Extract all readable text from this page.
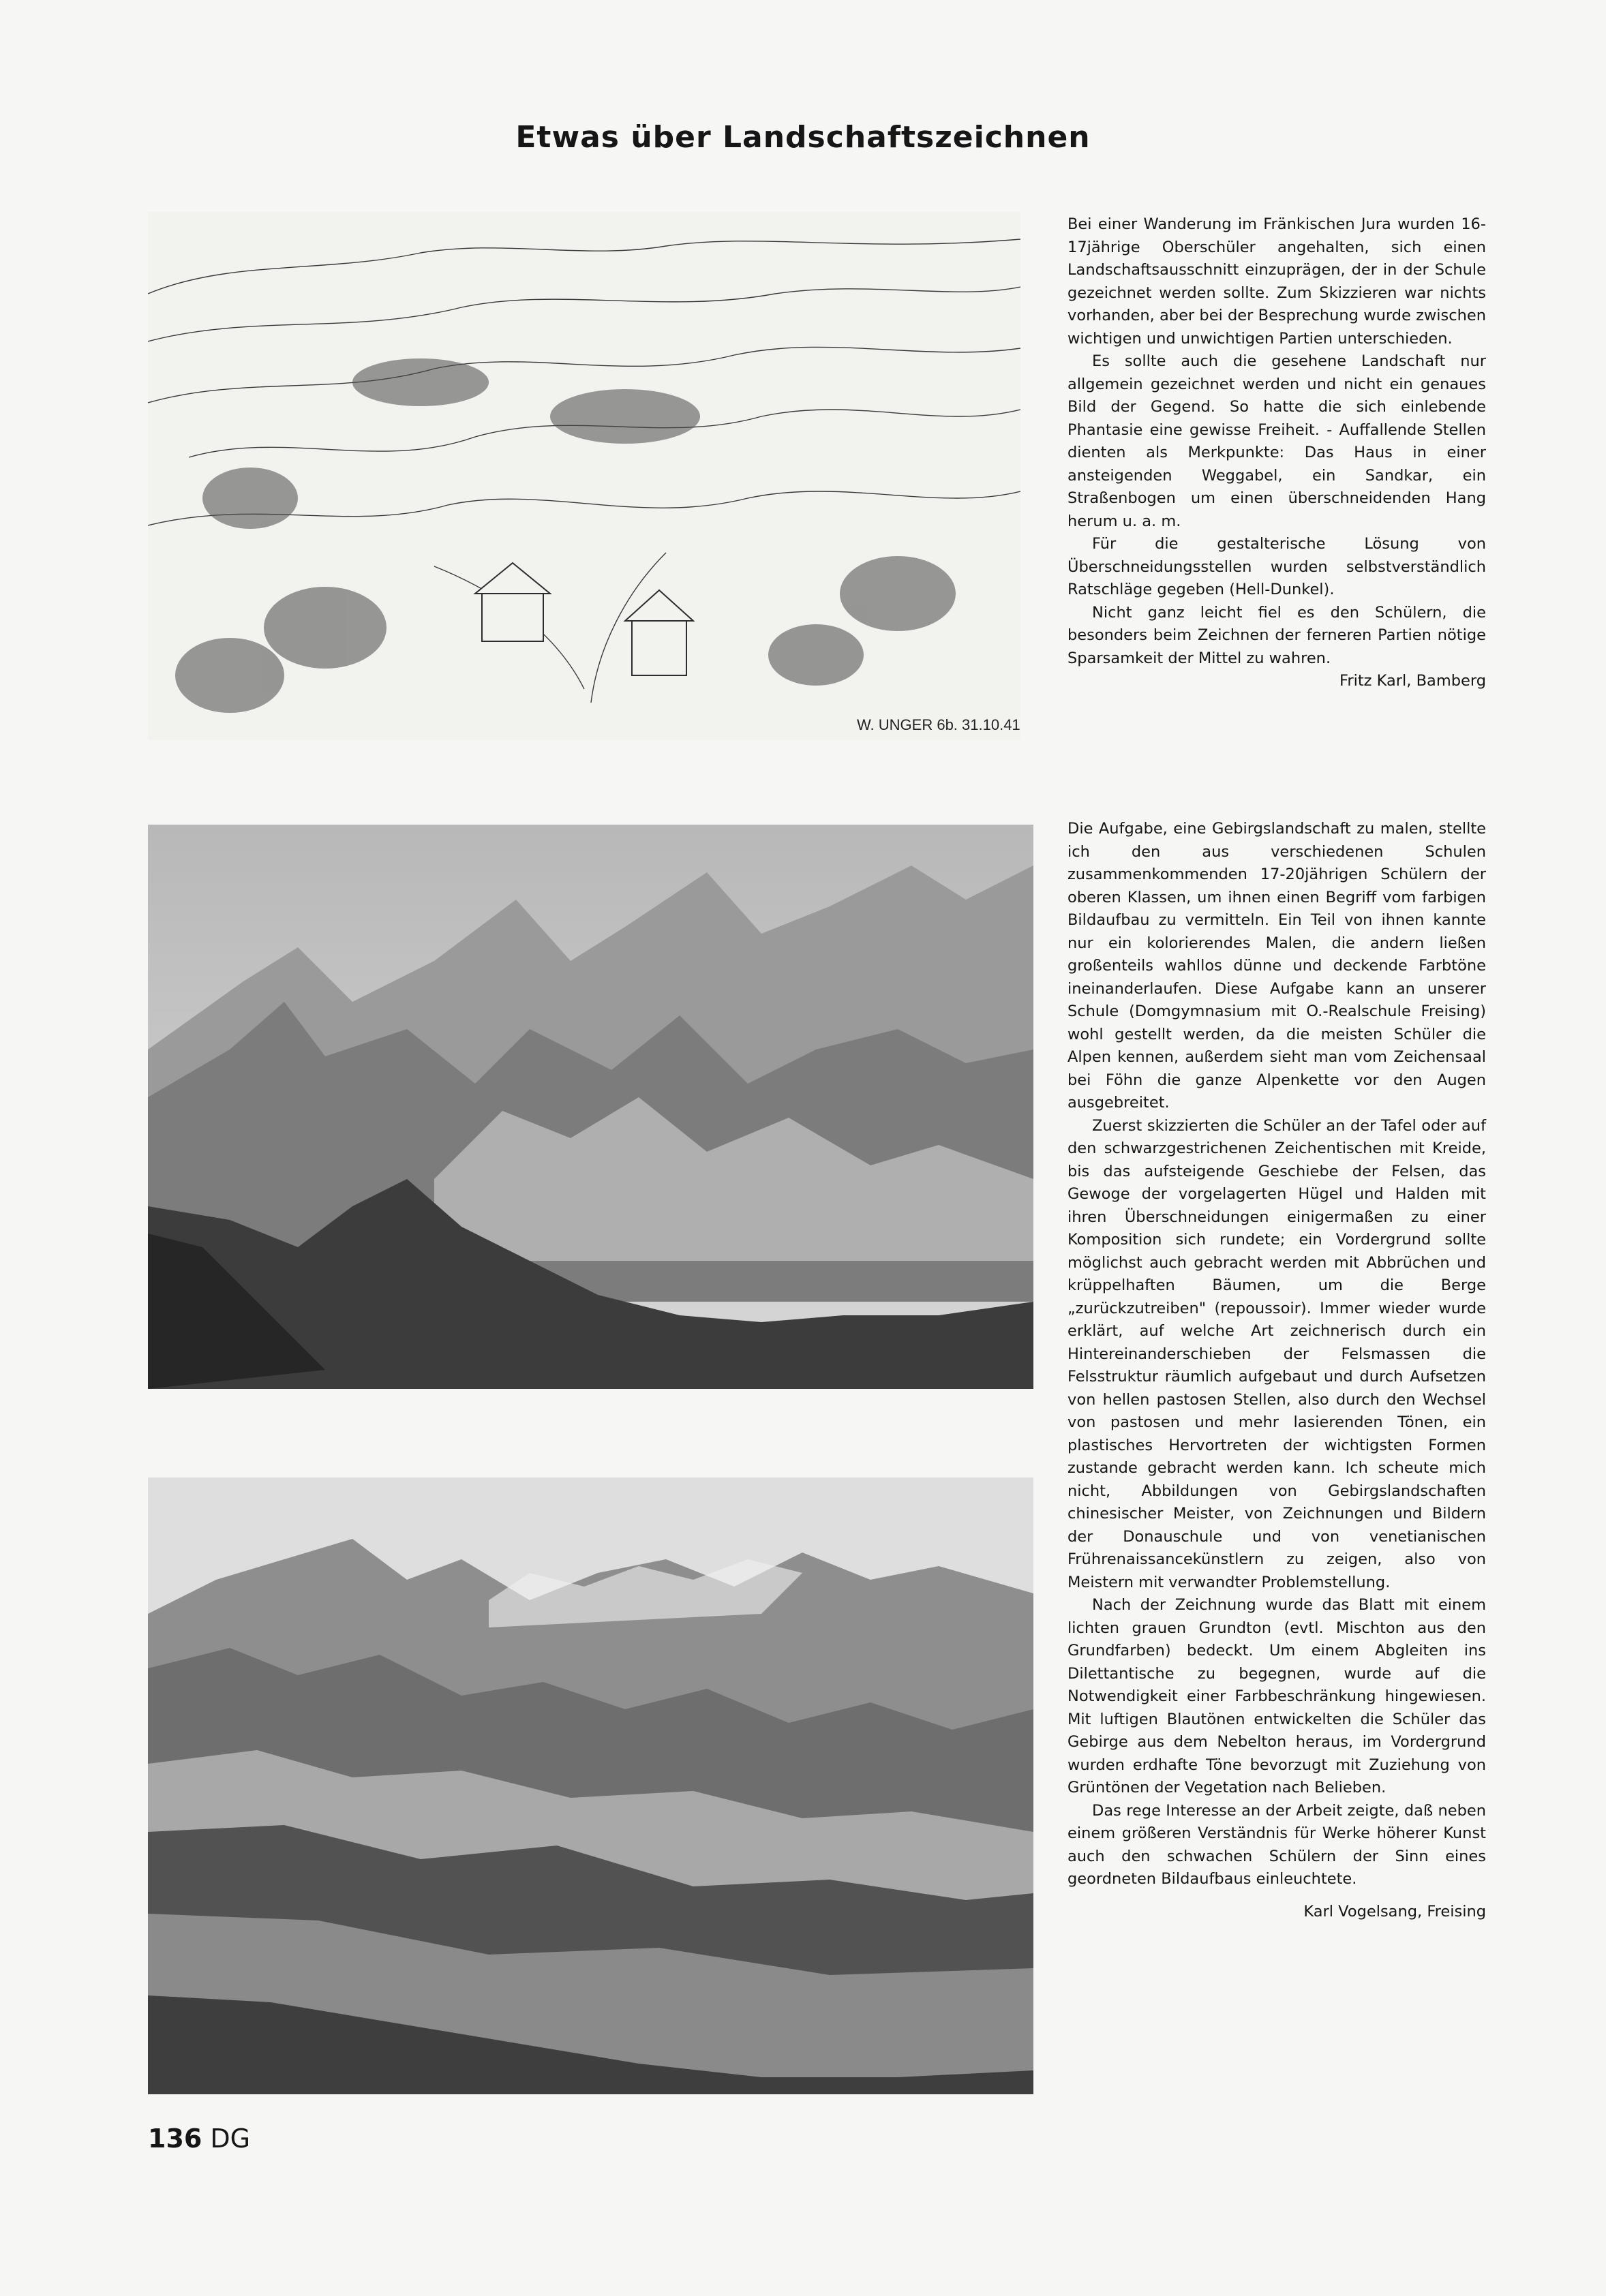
Etwas über Landschaftszeichnen
W. UNGER 6b. 31.10.41

Bei einer Wanderung im Fränkischen Jura wurden 16-17jährige Oberschüler angehalten, sich einen Landschaftsausschnitt einzuprägen, der in der Schule gezeichnet werden sollte. Zum Skizzieren war nichts vorhanden, aber bei der Besprechung wurde zwischen wichtigen und unwichtigen Partien unterschieden.

Es sollte auch die gesehene Landschaft nur allgemein gezeichnet werden und nicht ein genaues Bild der Gegend. So hatte die sich einlebende Phantasie eine gewisse Freiheit. - Auffallende Stellen dienten als Merkpunkte: Das Haus in einer ansteigenden Weggabel, ein Sandkar, ein Straßenbogen um einen überschneidenden Hang herum u. a. m.

Für die gestalterische Lösung von Überschneidungsstellen wurden selbstverständlich Ratschläge gegeben (Hell-Dunkel).

Nicht ganz leicht fiel es den Schülern, die besonders beim Zeichnen der ferneren Partien nötige Sparsamkeit der Mittel zu wahren.

Fritz Karl, Bamberg

Die Aufgabe, eine Gebirgslandschaft zu malen, stellte ich den aus verschiedenen Schulen zusammenkommenden 17-20jährigen Schülern der oberen Klassen, um ihnen einen Begriff vom farbigen Bildaufbau zu vermitteln. Ein Teil von ihnen kannte nur ein kolorierendes Malen, die andern ließen großenteils wahllos dünne und deckende Farbtöne ineinanderlaufen. Diese Aufgabe kann an unserer Schule (Domgymnasium mit O.-Realschule Freising) wohl gestellt werden, da die meisten Schüler die Alpen kennen, außerdem sieht man vom Zeichensaal bei Föhn die ganze Alpenkette vor den Augen ausgebreitet.

Zuerst skizzierten die Schüler an der Tafel oder auf den schwarzgestrichenen Zeichentischen mit Kreide, bis das aufsteigende Geschiebe der Felsen, das Gewoge der vorgelagerten Hügel und Halden mit ihren Überschneidungen einigermaßen zu einer Komposition sich rundete; ein Vordergrund sollte möglichst auch gebracht werden mit Abbrüchen und krüppelhaften Bäumen, um die Berge „zurückzutreiben" (repoussoir). Immer wieder wurde erklärt, auf welche Art zeichnerisch durch ein Hintereinanderschieben der Felsmassen die Felsstruktur räumlich aufgebaut und durch Aufsetzen von hellen pastosen Stellen, also durch den Wechsel von pastosen und mehr lasierenden Tönen, ein plastisches Hervortreten der wichtigsten Formen zustande gebracht werden kann. Ich scheute mich nicht, Abbildungen von Gebirgslandschaften chinesischer Meister, von Zeichnungen und Bildern der Donauschule und von venetianischen Frührenaissancekünstlern zu zeigen, also von Meistern mit verwandter Problemstellung.

Nach der Zeichnung wurde das Blatt mit einem lichten grauen Grundton (evtl. Mischton aus den Grundfarben) bedeckt. Um einem Abgleiten ins Dilettantische zu begegnen, wurde auf die Notwendigkeit einer Farbbeschränkung hingewiesen. Mit luftigen Blautönen entwickelten die Schüler das Gebirge aus dem Nebelton heraus, im Vordergrund wurden erdhafte Töne bevorzugt mit Zuziehung von Grüntönen der Vegetation nach Belieben.

Das rege Interesse an der Arbeit zeigte, daß neben einem größeren Verständnis für Werke höherer Kunst auch den schwachen Schülern der Sinn eines geordneten Bildaufbaus einleuchtete.

Karl Vogelsang, Freising

136 DG
